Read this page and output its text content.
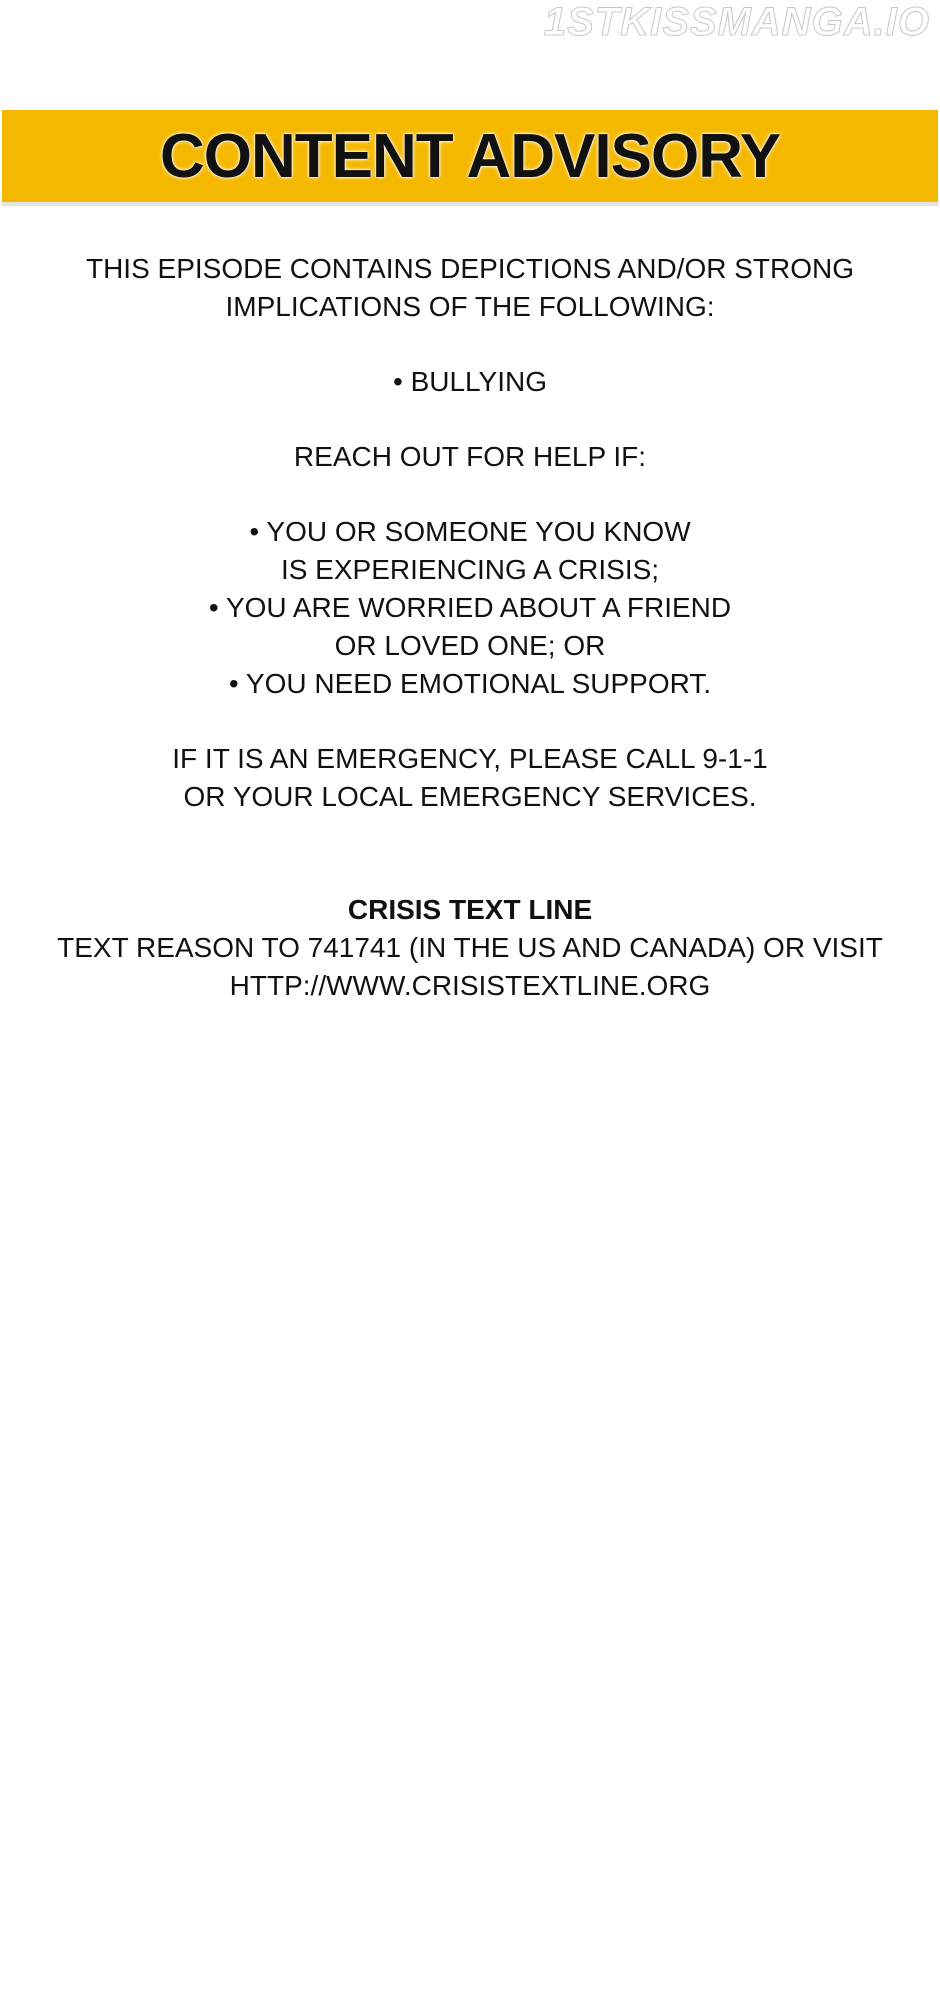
1STKISSMANGA.IO
CONTENT ADVISORY
THIS EPISODE CONTAINS DEPICTIONS AND/OR STRONG
IMPLICATIONS OF THE FOLLOWING:
• BULLYING
REACH OUT FOR HELP IF:
• YOU OR SOMEONE YOU KNOW
IS EXPERIENCING A CRISIS;
• YOU ARE WORRIED ABOUT A FRIEND
OR LOVED ONE; OR
• YOU NEED EMOTIONAL SUPPORT.
IF IT IS AN EMERGENCY, PLEASE CALL 9-1-1
OR YOUR LOCAL EMERGENCY SERVICES.
CRISIS TEXT LINE
TEXT REASON TO 741741 (IN THE US AND CANADA) OR VISIT
HTTP://WWW.CRISISTEXTLINE.ORG
